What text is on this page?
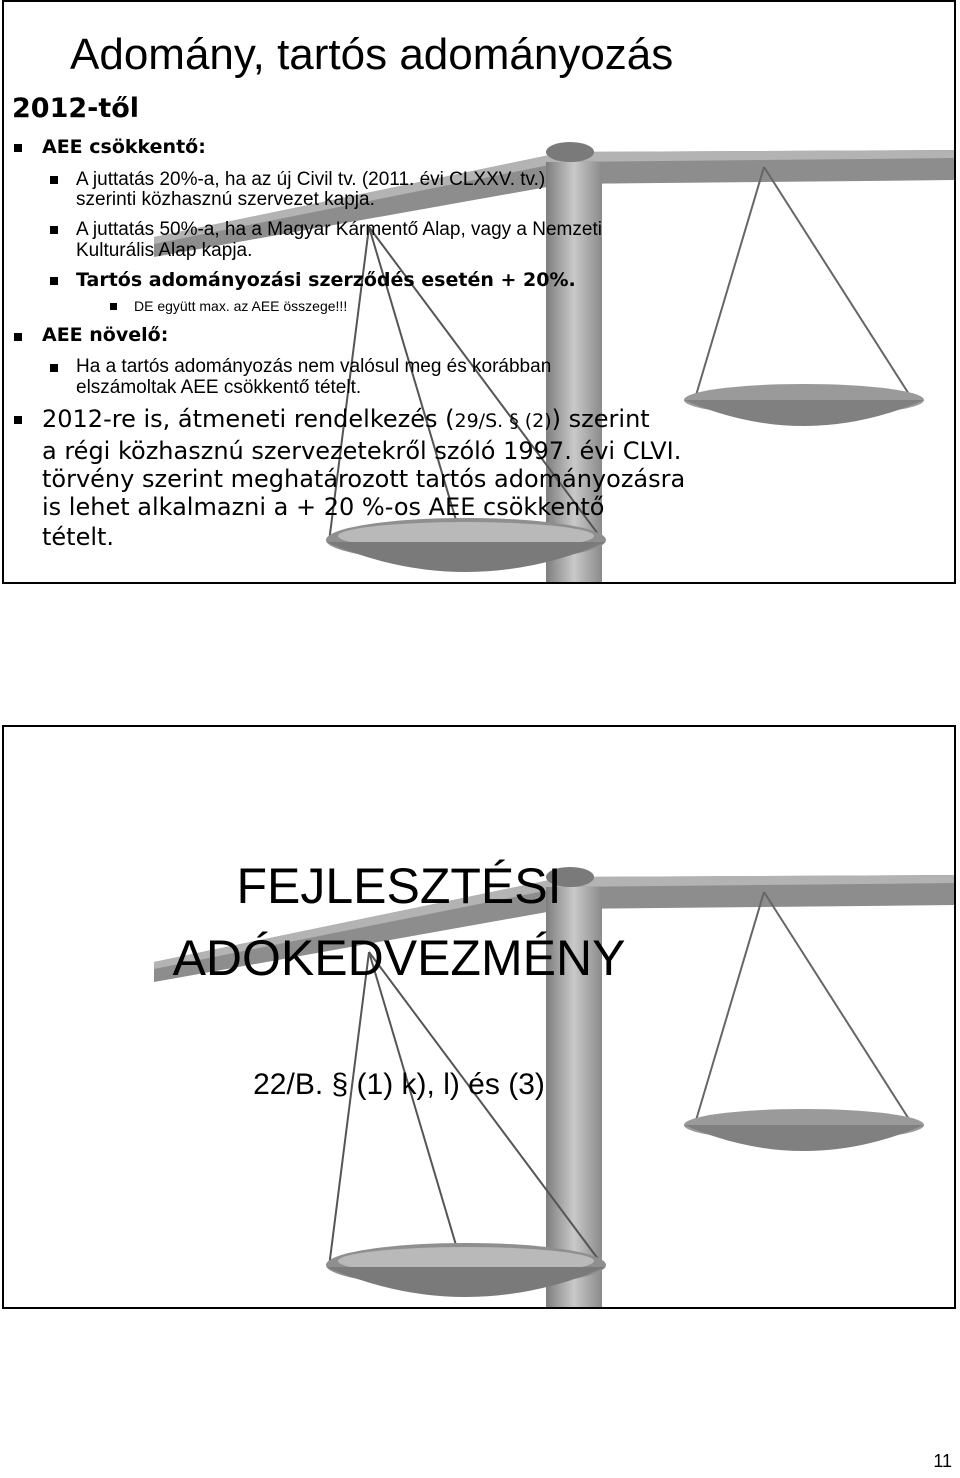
Adomány, tartós adományozás
2012-től
AEE csökkentő:
A juttatás 20%-a, ha az új Civil tv. (2011. évi CLXXV. tv.)
szerinti közhasznú szervezet kapja.
A juttatás 50%-a, ha a Magyar Kármentő Alap, vagy a Nemzeti
Kulturális Alap kapja.
Tartós adományozási szerződés esetén + 20%.
DE együtt max. az AEE összege!!!
AEE növelő:
Ha a tartós adományozás nem valósul meg és korábban
elszámoltak AEE csökkentő tételt.
2012-re is, átmeneti rendelkezés (29/S. § (2)) szerint
a régi közhasznú szervezetekről szóló 1997. évi CLVI.
törvény szerint meghatározott tartós adományozásra
is lehet alkalmazni a + 20 %-os AEE csökkentő
tételt.
FEJLESZTÉSI
ADÓKEDVEZMÉNY
22/B. § (1) k), l) és (3)
11
